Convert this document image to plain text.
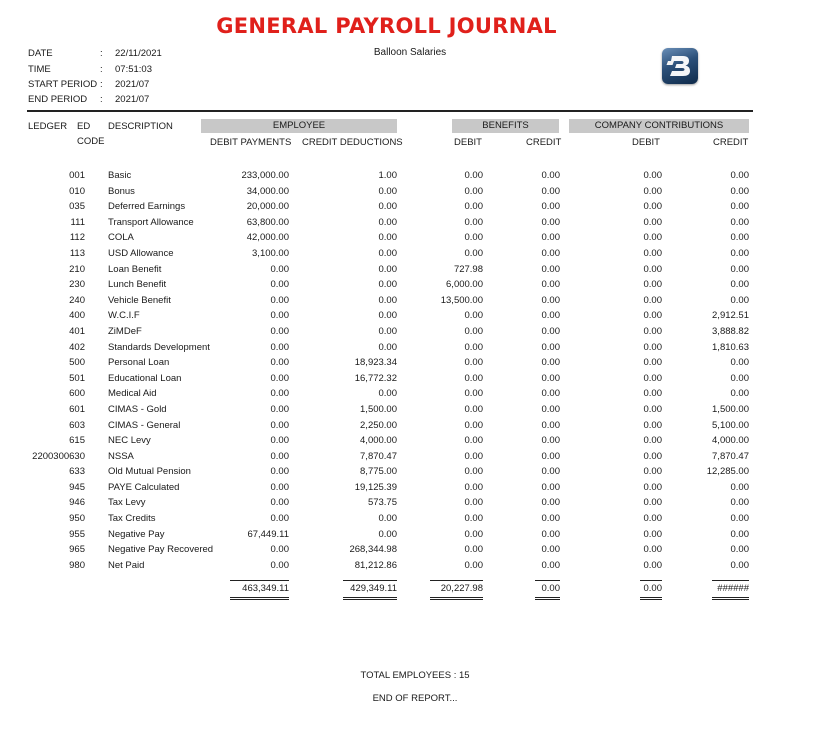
GENERAL PAYROLL JOURNAL
Balloon Salaries
DATE	: 22/11/2021
TIME	: 07:51:03
START PERIOD : 2021/07
END PERIOD : 2021/07
LEDGER ED
CODE
DESCRIPTION	EMPLOYEE	BENEFITS	COMPANY CONTRIBUTIONS
DEBIT PAYMENTS CREDIT DEDUCTIONS	DEBIT	CREDIT	DEBIT	CREDIT
001 Basic	233,000.00	1.00	0.00	0.00	0.00	0.00
010 Bonus	34,000.00	0.00	0.00	0.00	0.00	0.00
035 Deferred Earnings	20,000.00	0.00	0.00	0.00	0.00	0.00
111 Transport Allowance	63,800.00	0.00	0.00	0.00	0.00	0.00
112 COLA	42,000.00	0.00	0.00	0.00	0.00	0.00
113 USD Allowance	3,100.00	0.00	0.00	0.00	0.00	0.00
210 Loan Benefit	0.00	0.00	727.98	0.00	0.00	0.00
230 Lunch Benefit	0.00	0.00	6,000.00	0.00	0.00	0.00
240 Vehicle Benefit	0.00	0.00	13,500.00	0.00	0.00	0.00
400 W.C.I.F	0.00	0.00	0.00	0.00	0.00	2,912.51
401 ZiMDeF	0.00	0.00	0.00	0.00	0.00	3,888.82
402 Standards Development	0.00	0.00	0.00	0.00	0.00	1,810.63
500 Personal Loan	0.00	18,923.34	0.00	0.00	0.00	0.00
501 Educational Loan	0.00	16,772.32	0.00	0.00	0.00	0.00
600 Medical Aid	0.00	0.00	0.00	0.00	0.00	0.00
601 CIMAS - Gold	0.00	1,500.00	0.00	0.00	0.00	1,500.00
603 CIMAS - General	0.00	2,250.00	0.00	0.00	0.00	5,100.00
615 NEC Levy	0.00	4,000.00	0.00	0.00	0.00	4,000.00
2200300630 NSSA	0.00	7,870.47	0.00	0.00	0.00	7,870.47
633 Old Mutual Pension	0.00	8,775.00	0.00	0.00	0.00	12,285.00
945 PAYE Calculated	0.00	19,125.39	0.00	0.00	0.00	0.00
946 Tax Levy	0.00	573.75	0.00	0.00	0.00	0.00
950 Tax Credits	0.00	0.00	0.00	0.00	0.00	0.00
955 Negative Pay	67,449.11	0.00	0.00	0.00	0.00	0.00
965 Negative Pay Recovered	0.00	268,344.98	0.00	0.00	0.00	0.00
980 Net Paid	0.00	81,212.86	0.00	0.00	0.00	0.00
463,349.11	429,349.11	20,227.98	0.00	0.00	######
TOTAL EMPLOYEES : 15
END OF REPORT...
